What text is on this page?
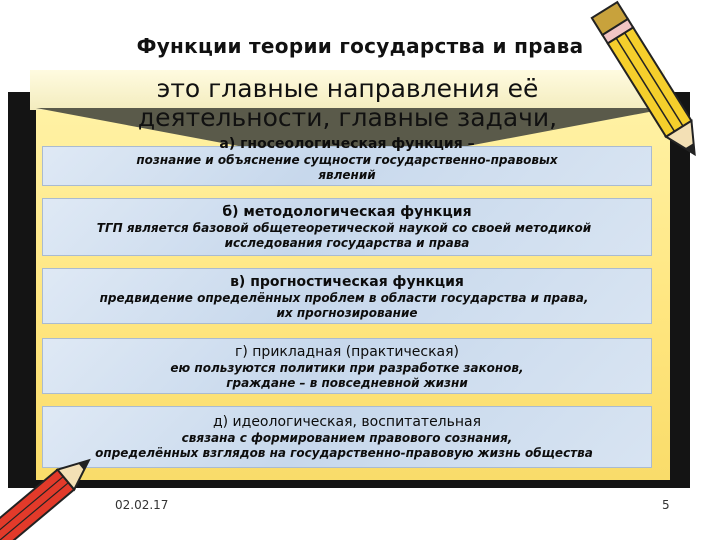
Функции теории государства и права
это главные направления её
деятельности, главные задачи,
а) гносеологическая функция –
познание и объяснение сущности государственно-правовых
явлений
б) методологическая функция
ТГП является базовой общетеоретической наукой со своей методикой
исследования государства и права
в) прогностическая функция
предвидение определённых проблем в области государства и права,
их прогнозирование
г) прикладная (практическая)
ею пользуются политики при разработке законов,
граждане – в повседневной жизни
д) идеологическая, воспитательная
связана с формированием правового сознания,
определённых взглядов на государственно-правовую жизнь общества
02.02.17	5
